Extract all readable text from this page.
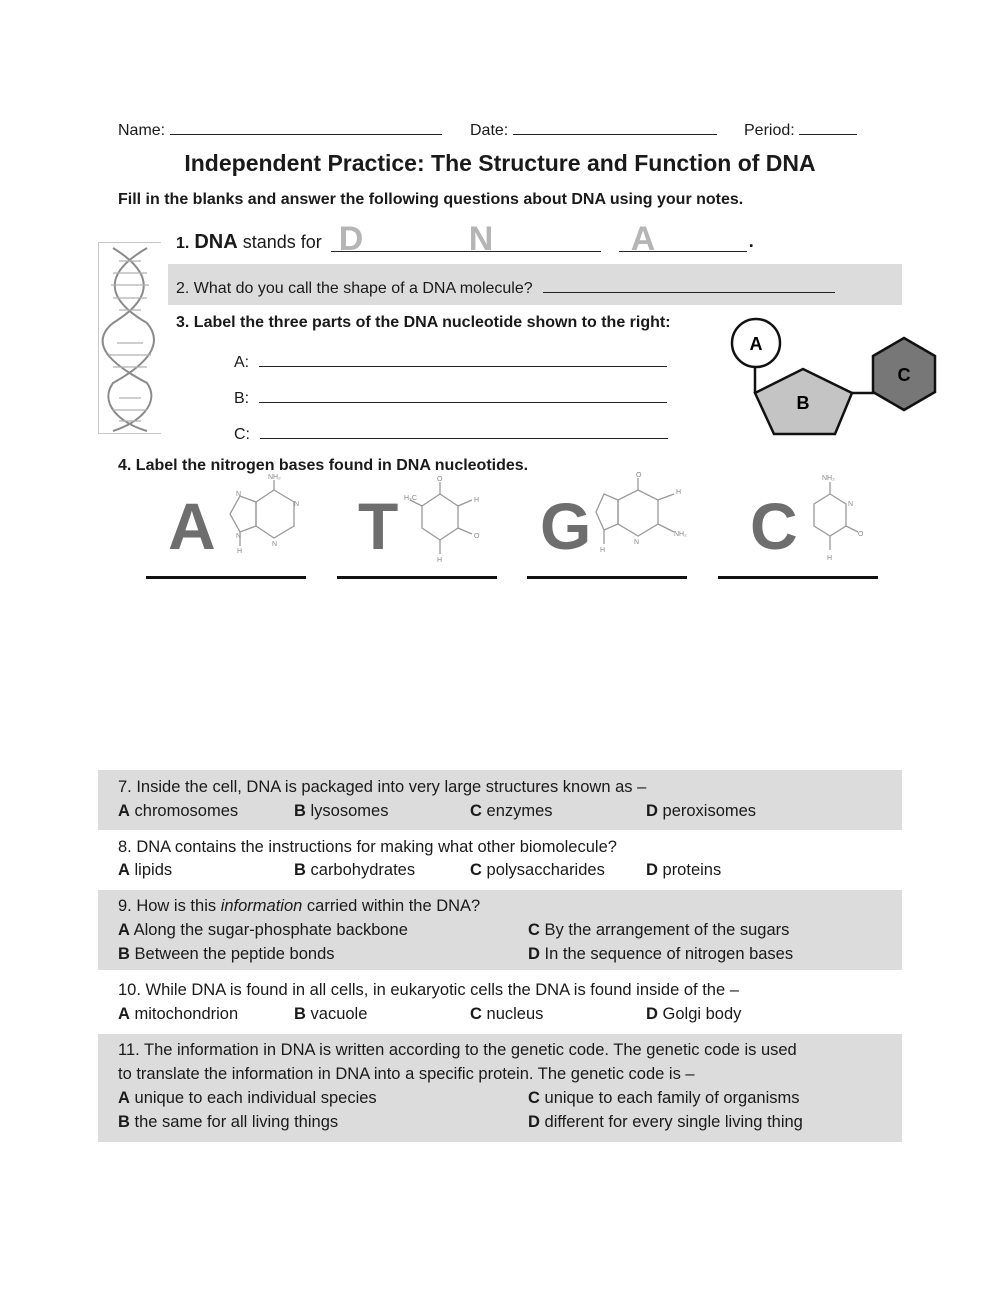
Name:	Date:	Period:
Independent Practice: The Structure and Function of DNA
Fill in the blanks and answer the following questions about DNA using your notes.
1. DNA stands for D	N	A	.
2. What do you call the shape of a DNA molecule?
3. Label the three parts of the DNA nucleotide shown to the right:
A:
B:
C:
A
B
C
4. Label the nitrogen bases found in DNA nucleotides.
A
NH₂
N
N
N
N
H T
O
H
O
H
H₃C G
O
H
NH₂
N
H C
NH₂
N
O
H
7. Inside the cell, DNA is packaged into very large structures known as –
A chromosomes	B lysosomes	C enzymes	D peroxisomes
8. DNA contains the instructions for making what other biomolecule?
A lipids	B carbohydrates	C polysaccharides D proteins
9. How is this information carried within the DNA?
A Along the sugar-phosphate backbone
B Between the peptide bonds
C By the arrangement of the sugars
D In the sequence of nitrogen bases
10. While DNA is found in all cells, in eukaryotic cells the DNA is found inside of the –
A mitochondrion	B vacuole	C nucleus	D Golgi body
11. The information in DNA is written according to the genetic code. The genetic code is used
to translate the information in DNA into a specific protein. The genetic code is –
A unique to each individual species
B the same for all living things
C unique to each family of organisms
D different for every single living thing
